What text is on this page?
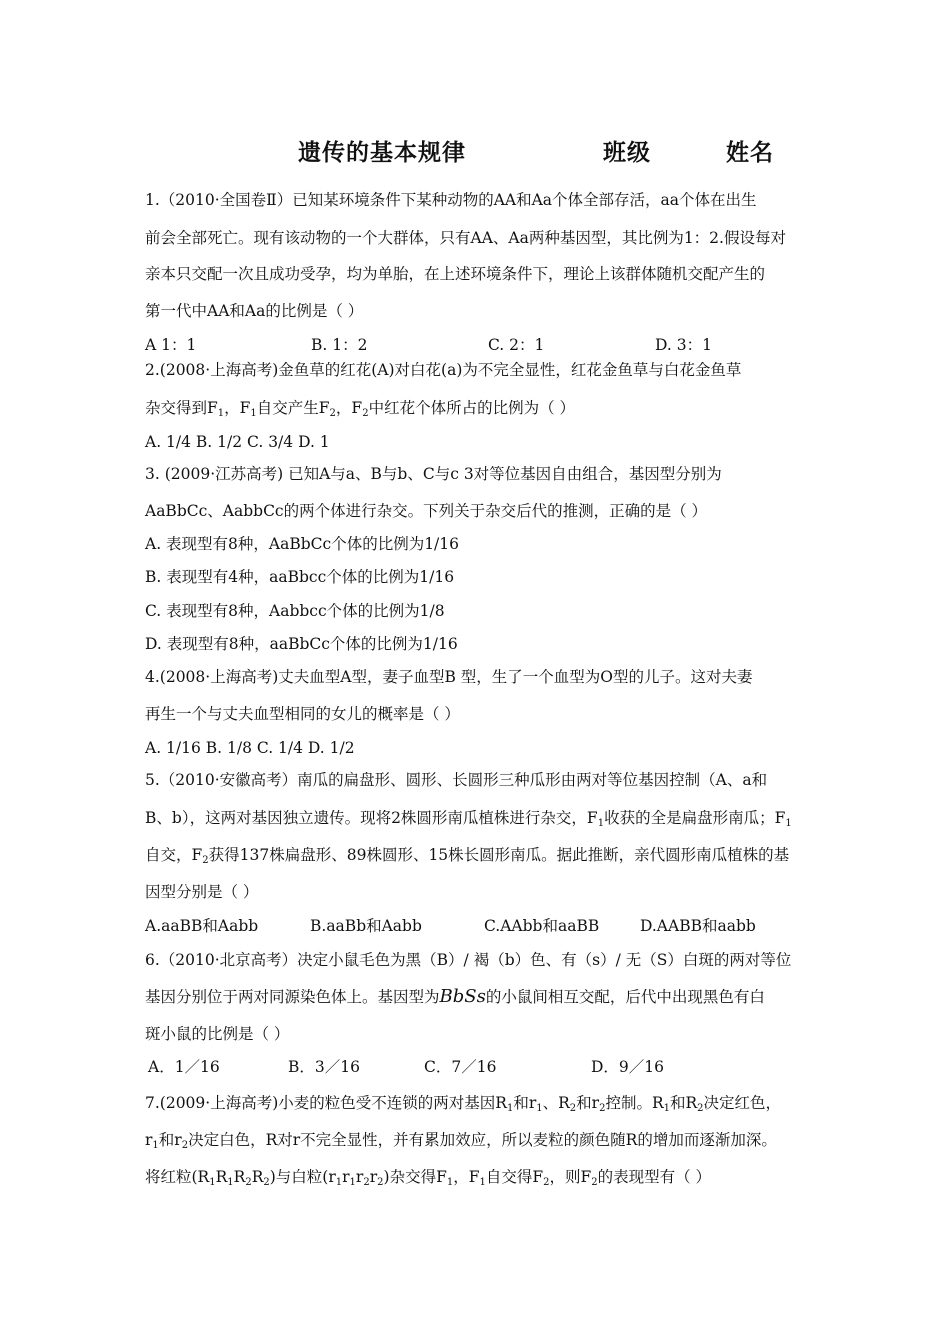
遗传的基本规律	班级	姓名
1.（2010·全国卷Ⅱ）已知某环境条件下某种动物的AA和Aa个体全部存活，aa个体在出生
前会全部死亡。现有该动物的一个大群体，只有AA、Aa两种基因型，其比例为1：2.假设每对
亲本只交配一次且成功受孕，均为单胎，在上述环境条件下，理论上该群体随机交配产生的
第一代中AA和Aa的比例是（ ）
A 1：1	B. 1：2	C. 2：1	D. 3：1
2.(2008·上海高考)金鱼草的红花(A)对白花(a)为不完全显性，红花金鱼草与白花金鱼草
杂交得到$F_1$，$F_1$自交产生$F_2$，$F_2$中红花个体所占的比例为（ ）
A. 1/4 B. 1/2 C. 3/4 D. 1
3. (2009·江苏高考) 已知A与a、B与b、C与c 3对等位基因自由组合，基因型分别为
AaBbCc、AabbCc的两个体进行杂交。下列关于杂交后代的推测，正确的是（ ）
A. 表现型有8种，AaBbCc个体的比例为1/16
B. 表现型有4种，aaBbcc个体的比例为1/16
C. 表现型有8种，Aabbcc个体的比例为1/8
D. 表现型有8种，aaBbCc个体的比例为1/16
4.(2008·上海高考)丈夫血型A型，妻子血型B 型，生了一个血型为O型的儿子。这对夫妻
再生一个与丈夫血型相同的女儿的概率是（ ）
A. 1/16 B. 1/8 C. 1/4 D. 1/2
5.（2010·安徽高考）南瓜的扁盘形、圆形、长圆形三种瓜形由两对等位基因控制（A、a和
B、b），这两对基因独立遗传。现将2株圆形南瓜植株进行杂交，$F_1$收获的全是扁盘形南瓜；$F_1$
自交，$F_2$获得137株扁盘形、89株圆形、15株长圆形南瓜。据此推断，亲代圆形南瓜植株的基
因型分别是（ ）
A.aaBB和Aabb	B.aaBb和Aabb	C.AAbb和aaBB	D.AABB和aabb
6.（2010·北京高考）决定小鼠毛色为黑（B）/ 褐（b）色、有（s）/ 无（S）白斑的两对等位
基因分别位于两对同源染色体上。基因型为BbSs的小鼠间相互交配，后代中出现黑色有白
斑小鼠的比例是（ ）
A．1／16	B．3／16	C．7／16	D．9／16
7.(2009·上海高考)小麦的粒色受不连锁的两对基因$R_1$和$r_1$、$R_2$和$r_2$控制。$R_1$和$R_2$决定红色，
$r_1$和$r_2$决定白色，R对r不完全显性，并有累加效应，所以麦粒的颜色随R的增加而逐渐加深。
将红粒$(R_1R_1R_2R_2)$与白粒$(r_1r_1r_2r_2)$杂交得$F_1$，$F_1$自交得$F_2$，则$F_2$的表现型有（ ）
